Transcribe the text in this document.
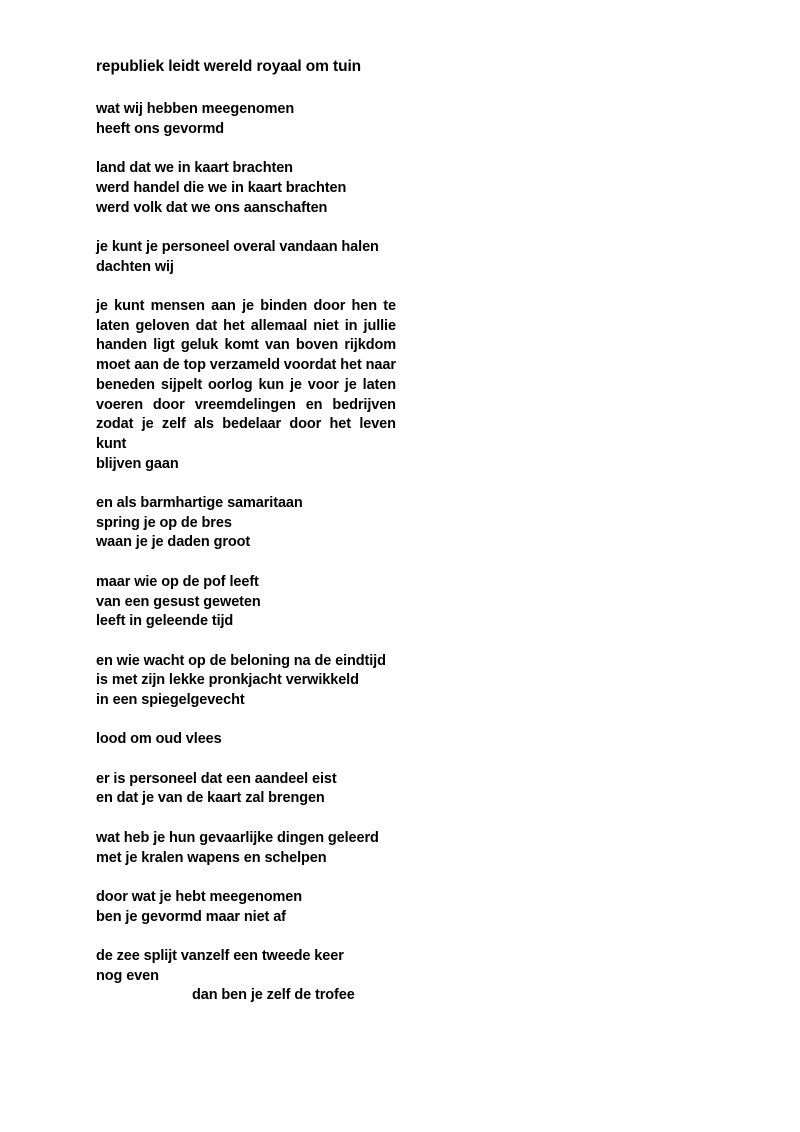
republiek leidt wereld royaal om tuin
wat wij hebben meegenomen
heeft ons gevormd
land dat we in kaart brachten
werd handel die we in kaart brachten
werd volk dat we ons aanschaften
je kunt je personeel overal vandaan halen
dachten wij
je kunt mensen aan je binden door hen te
laten geloven dat het allemaal niet in jullie
handen ligt geluk komt van boven rijkdom
moet aan de top verzameld voordat het naar
beneden sijpelt oorlog kun je voor je laten
voeren door vreemdelingen en bedrijven
zodat je zelf als bedelaar door het leven
kunt
blijven gaan
en als barmhartige samaritaan
spring je op de bres
waan je je daden groot
maar wie op de pof leeft
van een gesust geweten
leeft in geleende tijd
en wie wacht op de beloning na de eindtijd
is met zijn lekke pronkjacht verwikkeld
in een spiegelgevecht
lood om oud vlees
er is personeel dat een aandeel eist
en dat je van de kaart zal brengen
wat heb je hun gevaarlijke dingen geleerd
met je kralen wapens en schelpen
door wat je hebt meegenomen
ben je gevormd maar niet af
de zee splijt vanzelf een tweede keer
nog even
dan ben je zelf de trofee
